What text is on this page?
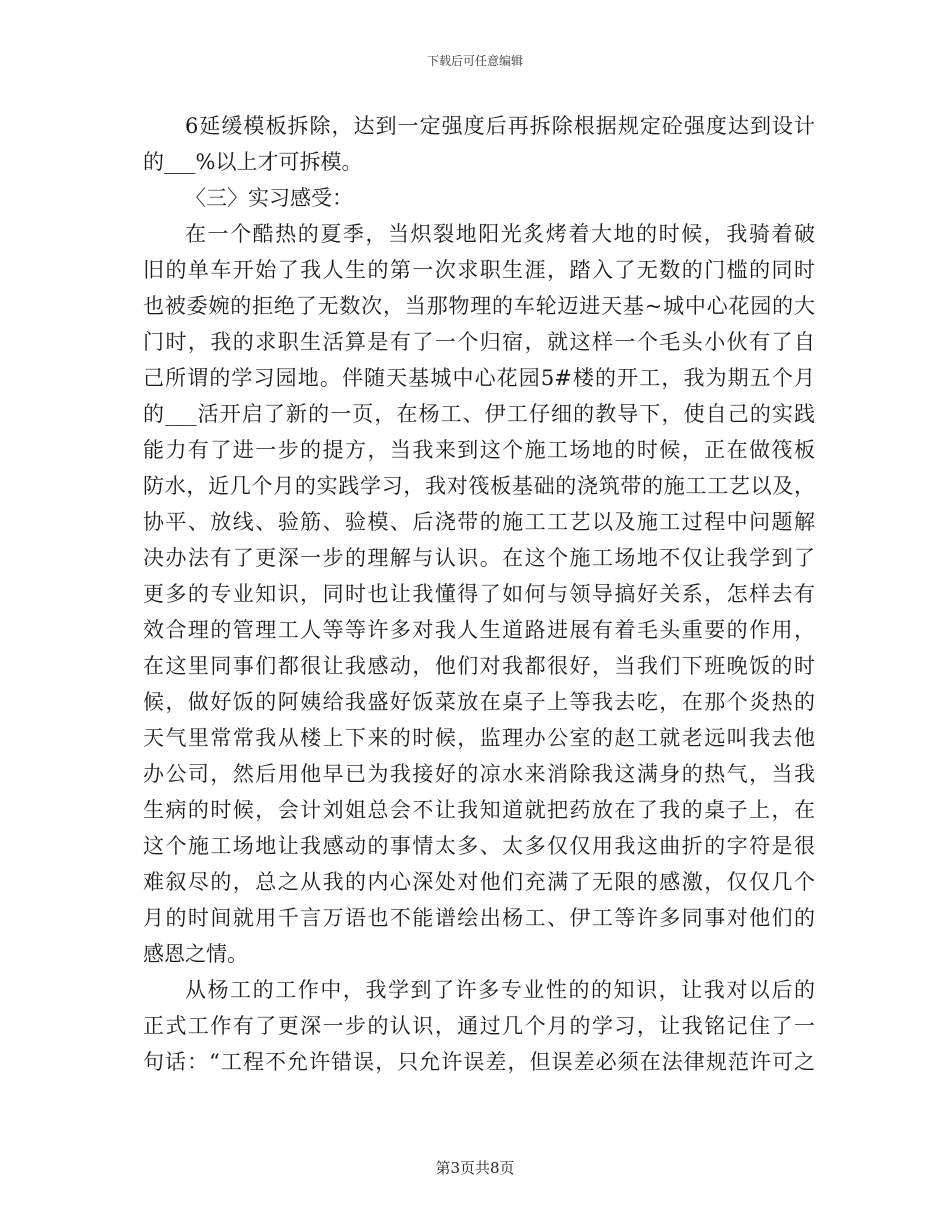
下载后可任意编辑
6延缓模板拆除，达到一定强度后再拆除根据规定砼强度达到设计
的___%以上才可拆模。
〈三〉实习感受：
在一个酷热的夏季，当炽裂地阳光炙烤着大地的时候，我骑着破
旧的单车开始了我人生的第一次求职生涯，踏入了无数的门槛的同时
也被委婉的拒绝了无数次，当那物理的车轮迈进天基~城中心花园的大
门时，我的求职生活算是有了一个归宿，就这样一个毛头小伙有了自
己所谓的学习园地。伴随天基城中心花园5#楼的开工，我为期五个月
的___活开启了新的一页，在杨工、伊工仔细的教导下，使自己的实践
能力有了进一步的提方，当我来到这个施工场地的时候，正在做筏板
防水，近几个月的实践学习，我对筏板基础的浇筑带的施工工艺以及，
协平、放线、验筋、验模、后浇带的施工工艺以及施工过程中问题解
决办法有了更深一步的理解与认识。在这个施工场地不仅让我学到了
更多的专业知识，同时也让我懂得了如何与领导搞好关系，怎样去有
效合理的管理工人等等许多对我人生道路进展有着毛头重要的作用，
在这里同事们都很让我感动，他们对我都很好，当我们下班晚饭的时
候，做好饭的阿姨给我盛好饭菜放在桌子上等我去吃，在那个炎热的
天气里常常我从楼上下来的时候，监理办公室的赵工就老远叫我去他
办公司，然后用他早已为我接好的凉水来消除我这满身的热气，当我
生病的时候，会计刘姐总会不让我知道就把药放在了我的桌子上，在
这个施工场地让我感动的事情太多、太多仅仅用我这曲折的字符是很
难叙尽的，总之从我的内心深处对他们充满了无限的感激，仅仅几个
月的时间就用千言万语也不能谱绘出杨工、伊工等许多同事对他们的
感恩之情。
从杨工的工作中，我学到了许多专业性的的知识，让我对以后的
正式工作有了更深一步的认识，通过几个月的学习，让我铭记住了一
句话：“工程不允许错误，只允许误差，但误差必须在法律规范许可之
第3页共8页
